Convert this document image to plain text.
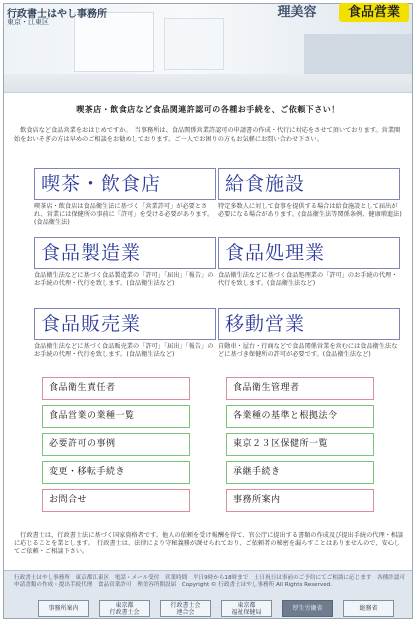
行政書士はやし事務所
東京・江東区
理美容	食品営業
喫茶店・飲食店など食品関連許認可の各種お手続を、ご依頼下さい！
　飲食店など食品営業をおはじめですか。　当事務所は、食品関係営業許認可の申請書の作成・代行に対応をさせて頂いております。営業開始をおいそぎの方は早めのご相談をお勧めしております。ご一人でお困りの方もお気軽にお問い合わせ下さい。
喫茶・飲食店
喫茶店・飲食店は食品衛生法に基づく「営業許可」が必要とされ、営業には保健所の事前に「許可」を受ける必要があります。(食品衛生法)
給食施設
特定多数人に対して食事を提供する場合は給食施設として届出が必要になる場合があります。(食品衛生法等関係条例、健康増進法)
食品製造業
食品衛生法などに基づく食品製造業の「許可」「届出」「報告」のお手続の代理・代行を致します。(食品衛生法など)
食品処理業
食品衛生法などに基づく食品処理業の「許可」のお手続の代理・代行を致します。(食品衛生法など)
食品販売業
食品衛生法などに基づく食品販売業の「許可」「届出」「報告」のお手続の代理・代行を致します。(食品衛生法など)
移動営業
自動車・屋台・行商などで食品関係営業を営むには食品衛生法などに基づき保健所の許可が必要です。(食品衛生法など)
食品衛生責任者
食品営業の業種一覧
必要許可の事例
変更・移転手続き
お問合せ
食品衛生管理者
各業種の基準と根拠法令
東京２３区保健所一覧
承継手続き
事務所案内
　行政書士は、行政書士法に基づく国家資格者です。他人の依頼を受け報酬を得て、官公庁に提出する書類の作成及び提出手続の代理・相談に応じることを業とします。　行政書士は、法律により守秘義務が課せられており、ご依頼者の秘密を漏らすことはありませんので、安心してご依頼・ご相談下さい。
行政書士はやし事務所　東京都江東区　電話・メール受付　営業時間　平日9時から18時まで　土日祝日は事前のご予約にてご相談に応じます　各種許認可申請書類の作成・提出手続代理　食品営業許可　理美容所開設届　Copyright © 行政書士はやし事務所 All Rights Reserved.
事務所案内	東京都
行政書士会
行政書士会
連合会
東京都
福祉保健局
厚生労働省	総務省
